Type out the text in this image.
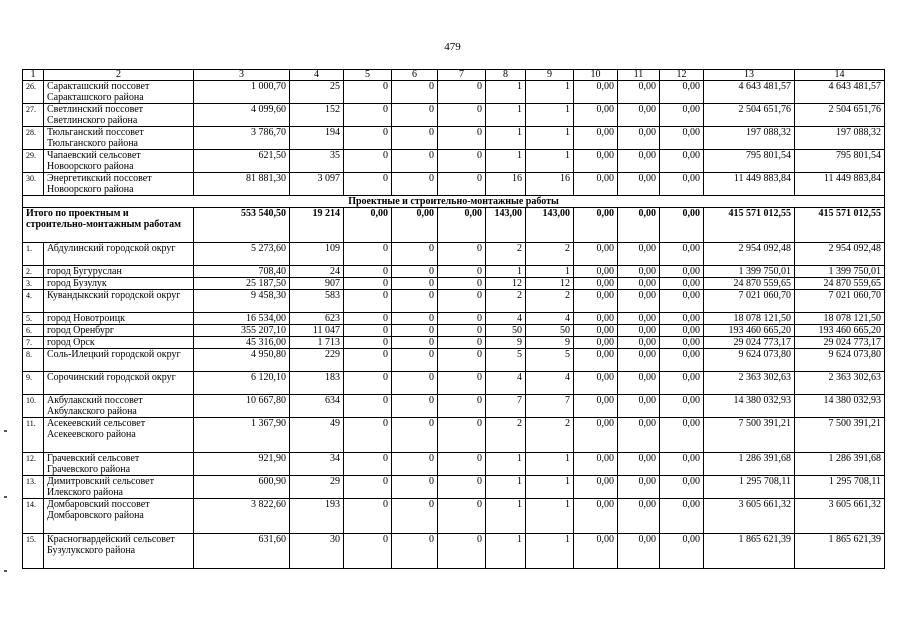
479
1	2	3	4	5	6	7	8	9	10	11	12	13	14
26.	Саракташский поссовет Саракташского района	1 000,70	25	0	0	0	1	1	0,00	0,00	0,00	4 643 481,57	4 643 481,57
27.	Светлинский поссовет Светлинского района	4 099,60	152	0	0	0	1	1	0,00	0,00	0,00	2 504 651,76	2 504 651,76
28.	Тюльганский поссовет Тюльганского района	3 786,70	194	0	0	0	1	1	0,00	0,00	0,00	197 088,32	197 088,32
29.	Чапаевский сельсовет Новоорского района	621,50	35	0	0	0	1	1	0,00	0,00	0,00	795 801,54	795 801,54
30.	Энергетикский поссовет Новоорского района	81 881,30	3 097	0	0	0	16	16	0,00	0,00	0,00	11 449 883,84	11 449 883,84
Проектные и строительно-монтажные работы													
Итого по проектным и строительно-монтажным работам		553 540,50	19 214	0,00	0,00	0,00	143,00	143,00	0,00	0,00	0,00	415 571 012,55	415 571 012,55
1.	Абдулинский городской округ	5 273,60	109	0	0	0	2	2	0,00	0,00	0,00	2 954 092,48	2 954 092,48
2.	город Бугуруслан	708,40	24	0	0	0	1	1	0,00	0,00	0,00	1 399 750,01	1 399 750,01
3.	город Бузулук	25 187,50	907	0	0	0	12	12	0,00	0,00	0,00	24 870 559,65	24 870 559,65
4.	Кувандыкский городской округ	9 458,30	583	0	0	0	2	2	0,00	0,00	0,00	7 021 060,70	7 021 060,70
5.	город Новотроицк	16 534,00	623	0	0	0	4	4	0,00	0,00	0,00	18 078 121,50	18 078 121,50
6.	город Оренбург	355 207,10	11 047	0	0	0	50	50	0,00	0,00	0,00	193 460 665,20	193 460 665,20
7.	город Орск	45 316,00	1 713	0	0	0	9	9	0,00	0,00	0,00	29 024 773,17	29 024 773,17
8.	Соль-Илецкий городской округ	4 950,80	229	0	0	0	5	5	0,00	0,00	0,00	9 624 073,80	9 624 073,80
9.	Сорочинский городской округ	6 120,10	183	0	0	0	4	4	0,00	0,00	0,00	2 363 302,63	2 363 302,63
10.	Акбулакский поссовет Акбулакского района	10 667,80	634	0	0	0	7	7	0,00	0,00	0,00	14 380 032,93	14 380 032,93
11.	Асекеевский сельсовет Асекеевского района	1 367,90	49	0	0	0	2	2	0,00	0,00	0,00	7 500 391,21	7 500 391,21
12.	Грачевский сельсовет Грачевского района	921,90	34	0	0	0	1	1	0,00	0,00	0,00	1 286 391,68	1 286 391,68
13.	Димитровский сельсовет Илекского района	600,90	29	0	0	0	1	1	0,00	0,00	0,00	1 295 708,11	1 295 708,11
14.	Домбаровский поссовет Домбаровского района	3 822,60	193	0	0	0	1	1	0,00	0,00	0,00	3 605 661,32	3 605 661,32
15.	Красногвардейский сельсовет Бузулукского района	631,60	30	0	0	0	1	1	0,00	0,00	0,00	1 865 621,39	1 865 621,39
